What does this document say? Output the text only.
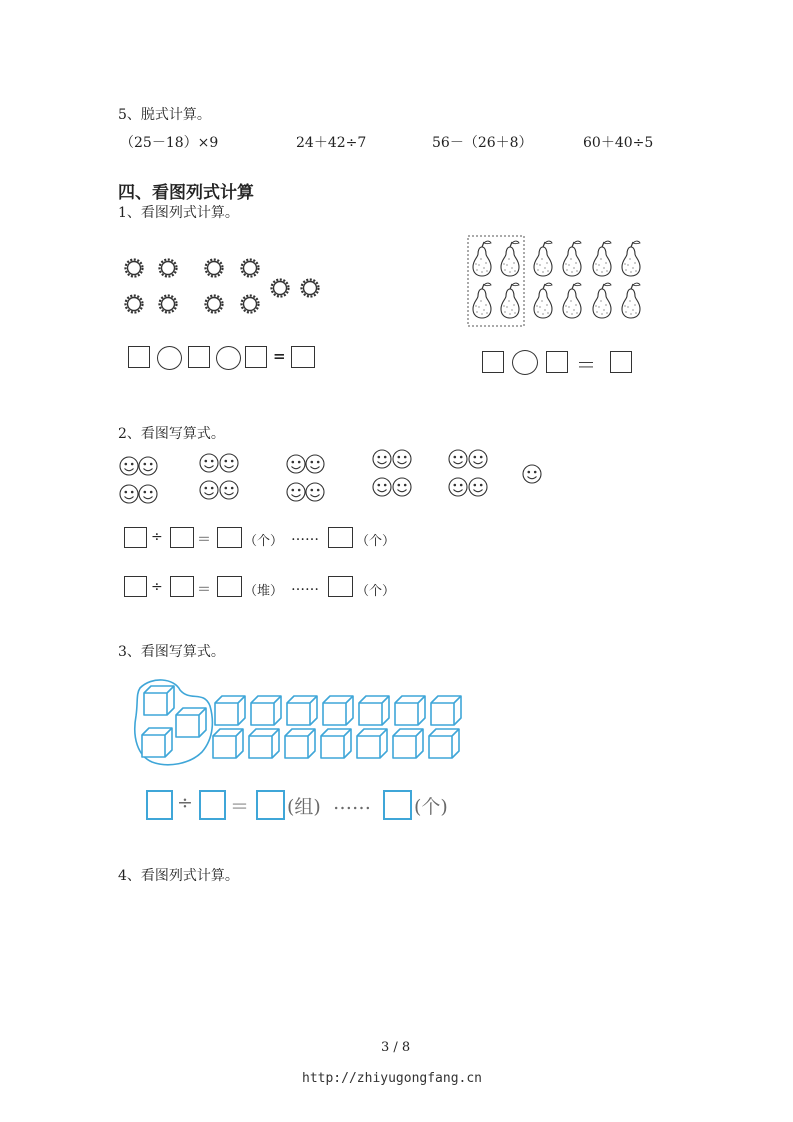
5、脱式计算。
（25－18）×9	24＋42÷7	56－（26＋8）	60＋40÷5
四、看图列式计算
1、看图列式计算。
=	＝
2、看图写算式。
÷ ＝	（个） ……	（个）
÷ ＝	（堆） ……	（个）
3、看图写算式。
÷ ＝ (组) …… (个)
4、看图列式计算。
3 / 8
http://zhiyugongfang.cn
